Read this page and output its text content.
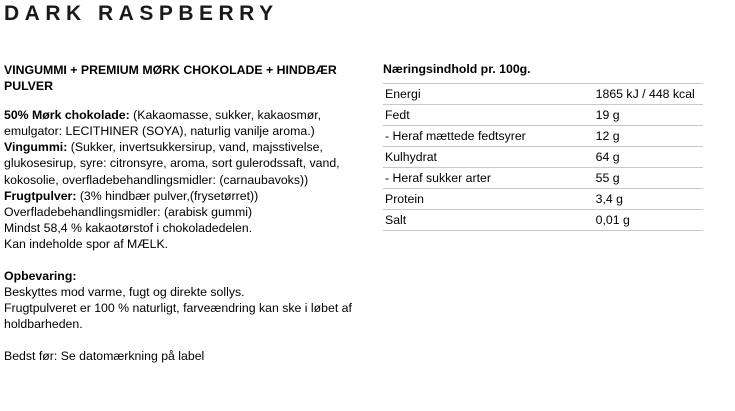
DARK RASPBERRY
VINGUMMI + PREMIUM MØRK CHOKOLADE + HINDBÆR PULVER
50% Mørk chokolade: (Kakaomasse, sukker, kakaosmør, emulgator: LECITHINER (SOYA), naturlig vanilje aroma.) Vingummi: (Sukker, invertsukkersirup, vand, majsstivelse, glukosesirup, syre: citronsyre, aroma, sort gulerodssaft, vand, kokosolie, overfladebehandlingsmidler: (carnaubavoks))
Frugtpulver: (3% hindbær pulver,(frysetørret))
Overfladebehandlingsmidler: (arabisk gummi)
Mindst 58,4 % kakaotørstof i chokoladedelen.
Kan indeholde spor af MÆLK.
Opbevaring:
Beskyttes mod varme, fugt og direkte sollys.
Frugtpulveret er 100 % naturligt, farveændring kan ske i løbet af holdbarheden.
Bedst før: Se datomærkning på label
Næringsindhold pr. 100g.
Energi	1865 kJ / 448 kcal
Fedt	19 g
- Heraf mættede fedtsyrer	12 g
Kulhydrat	64 g
- Heraf sukker arter	55 g
Protein	3,4 g
Salt	0,01 g
